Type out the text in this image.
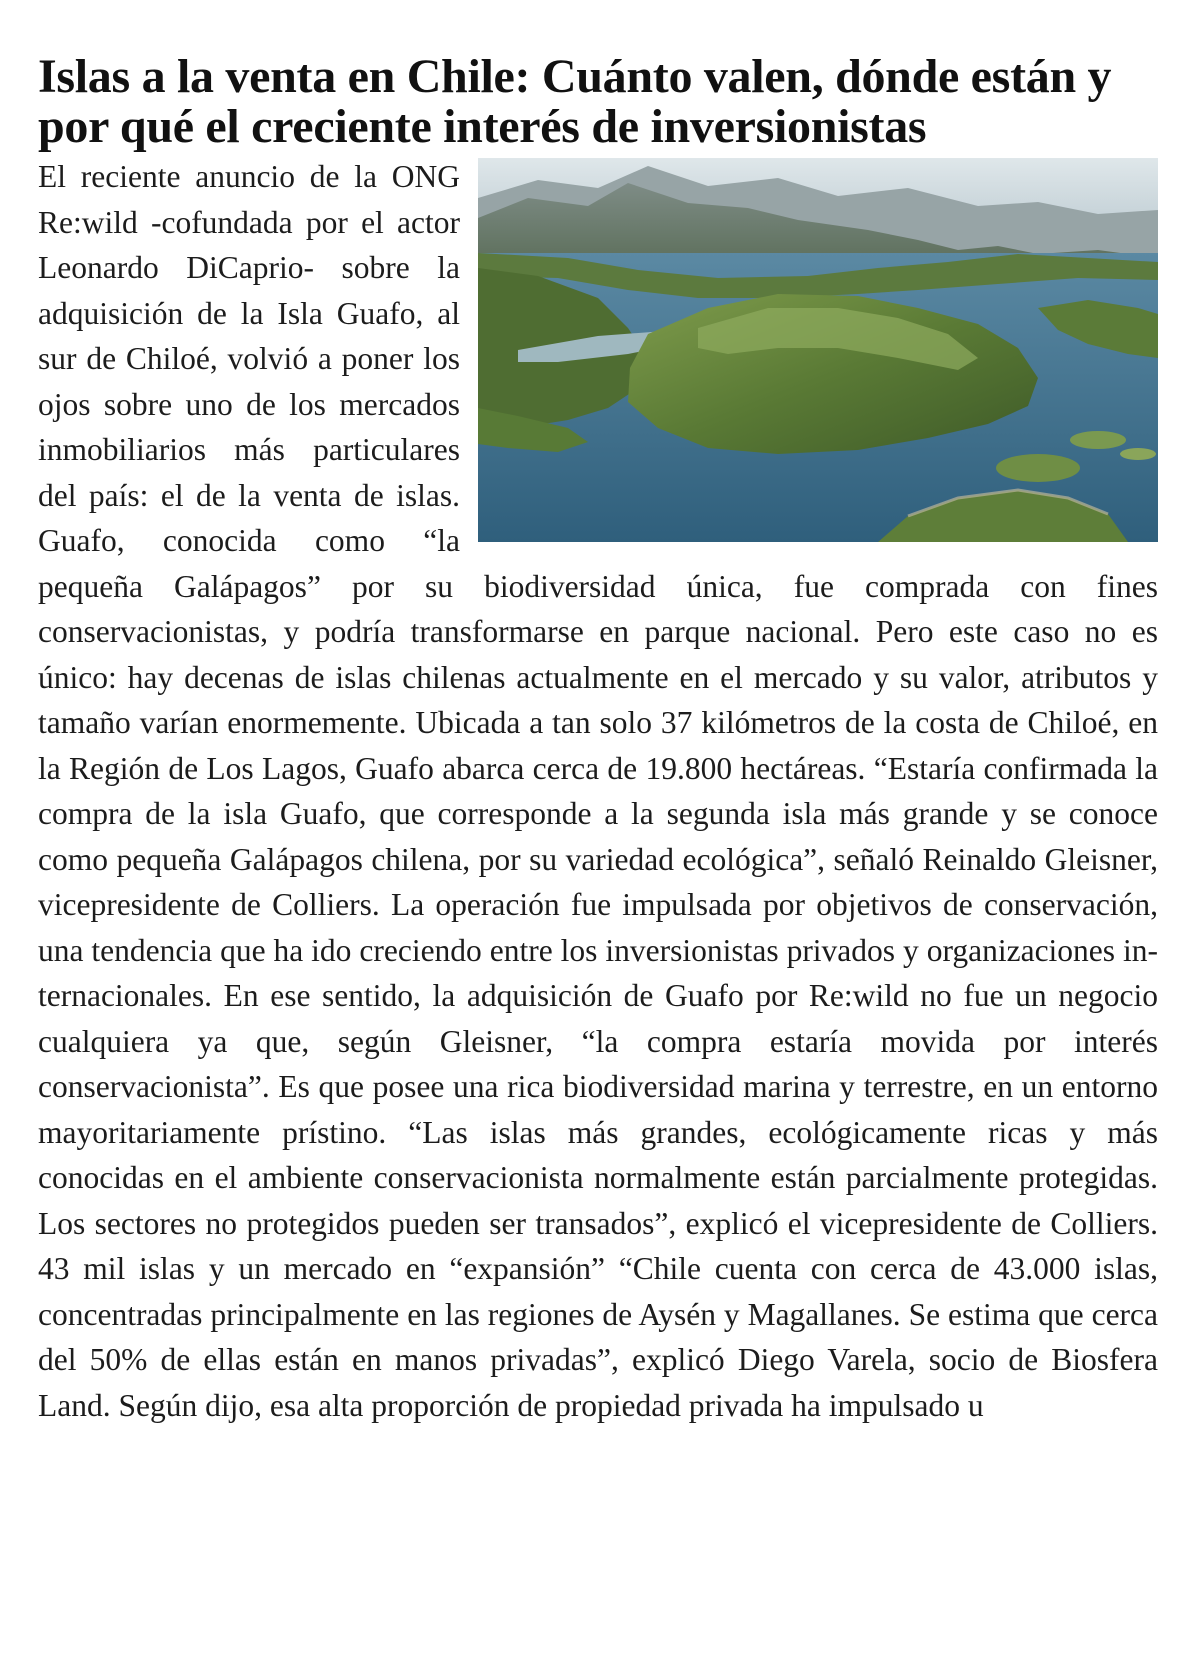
Islas a la venta en Chile: Cuánto valen, dónde están y por qué el creciente interés de inversionistas

El reciente anuncio de la ONG Re:wild -cofundada por el actor Leonardo DiCaprio- sobre la adquisición de la Isla Guafo, al sur de Chiloé, volvió a poner los ojos sobre uno de los mercados inmobiliarios más particulares del país: el de la venta de islas. Guafo, conocida como “la pequeña Galápagos” por su biodiversidad única, fue comprada con fines conservacionistas, y podría transformarse en parque nacional. Pero este caso no es único: hay decenas de islas chilenas actualmente en el mercado y su valor, atributos y tamaño varían enormemente. Ubicada a tan solo 37 kilómetros de la costa de Chiloé, en la Región de Los Lagos, Guafo abarca cerca de 19.800 hectáreas. “Estaría confirmada la compra de la isla Guafo, que corresponde a la segunda isla más grande y se conoce como pequeña Galápagos chilena, por su variedad ecológica”, señaló Reinaldo Gleisner, vicepresidente de Colliers. La operación fue impulsada por objetivos de conservación, una tendencia que ha ido creciendo entre los inversionistas privados y organizaciones internacionales. En ese sentido, la adquisición de Guafo por Re:wild no fue un negocio cualquiera ya que, según Gleisner, “la compra estaría movida por interés conservacionista”. Es que posee una rica biodiversidad marina y terrestre, en un entorno mayoritariamente prístino. “Las islas más grandes, ecológicamente ricas y más conocidas en el ambiente conservacionista normalmente están parcialmente protegidas. Los sectores no protegidos pueden ser transados”, explicó el vicepresidente de Colliers. 43 mil islas y un mercado en “expansión” “Chile cuenta con cerca de 43.000 islas, concentradas principalmente en las regiones de Aysén y Magallanes. Se estima que cerca del 50% de ellas están en manos privadas”, explicó Diego Varela, socio de Biosfera Land. Según dijo, esa alta proporción de propiedad privada ha impulsado u
